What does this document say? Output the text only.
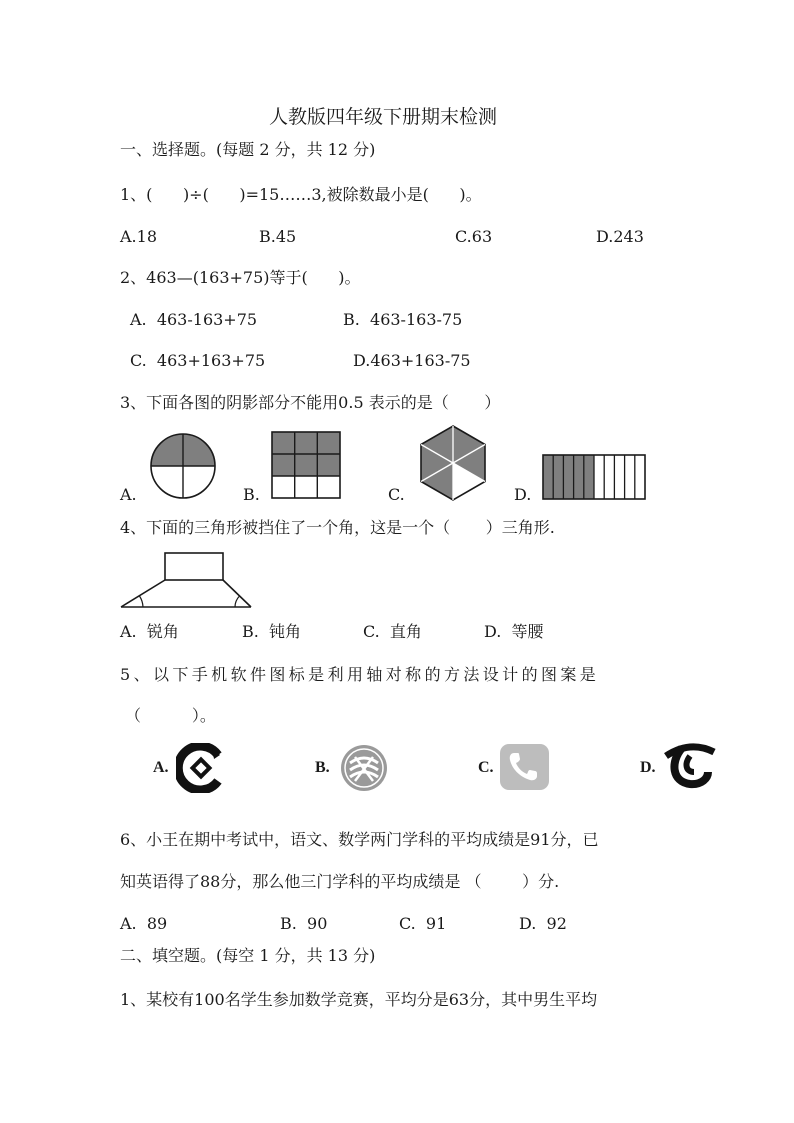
人教版四年级下册期末检测
一、选择题。(每题 2 分，共 12 分)
1、(      )÷(      )=15……3,被除数最小是(      )。
A.18	B.45	C.63	D.243
2、463—(163+75)等于(      )。
A.  463-163+75	B.  463-163-75
C.  463+163+75	D.463+163-75
3、下面各图的阴影部分不能用0.5 表示的是（       ）
A.	B.	C.	D.
4、下面的三角形被挡住了一个角，这是一个（       ）三角形.
A.  锐角	B.  钝角	C.  直角	D.  等腰
5、以下手机软件图标是利用轴对称的方法设计的图案是
（          ）。
A.	B.	C.	D.
6、小王在期中考试中，语文、数学两门学科的平均成绩是91分，已
知英语得了88分，那么他三门学科的平均成绩是 （        ）分.
A.  89	B.  90	C.  91	D.  92
二、填空题。(每空 1 分，共 13 分)
1、某校有100名学生参加数学竞赛，平均分是63分，其中男生平均
